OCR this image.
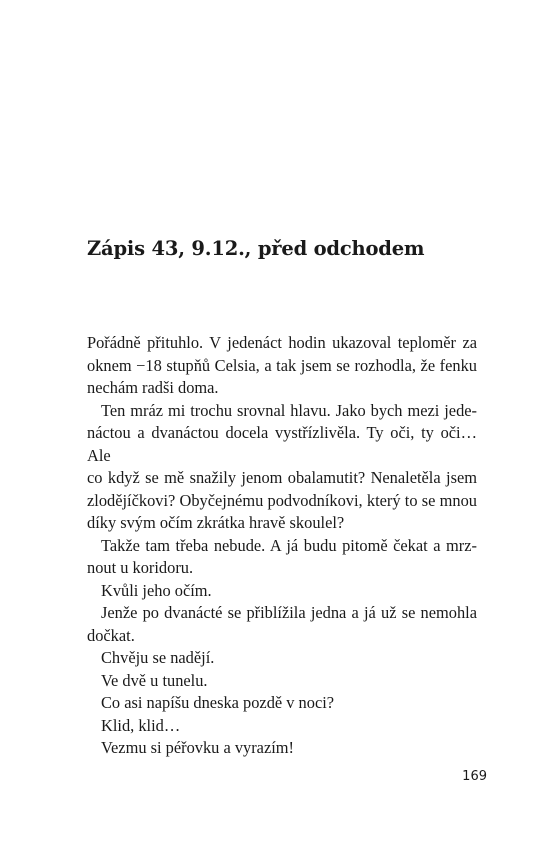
Zápis 43, 9.12., před odchodem

Pořádně přituhlo. V jedenáct hodin ukazoval teploměr za
oknem −18 stupňů Celsia, a tak jsem se rozhodla, že fenku
nechám radši doma.

Ten mráz mi trochu srovnal hlavu. Jako bych mezi jede-
náctou a dvanáctou docela vystřízlivěla. Ty oči, ty oči… Ale
co když se mě snažily jenom obalamutit? Nenaletěla jsem
zlodějíčkovi? Obyčejnému podvodníkovi, který to se mnou
díky svým očím zkrátka hravě skoulel?

Takže tam třeba nebude. A já budu pitomě čekat a mrz-
nout u koridoru.

Kvůli jeho očím.

Jenže po dvanácté se přiblížila jedna a já už se nemohla
dočkat.

Chvěju se nadějí.

Ve dvě u tunelu.

Co asi napíšu dneska pozdě v noci?

Klid, klid…

Vezmu si péřovku a vyrazím!

169
